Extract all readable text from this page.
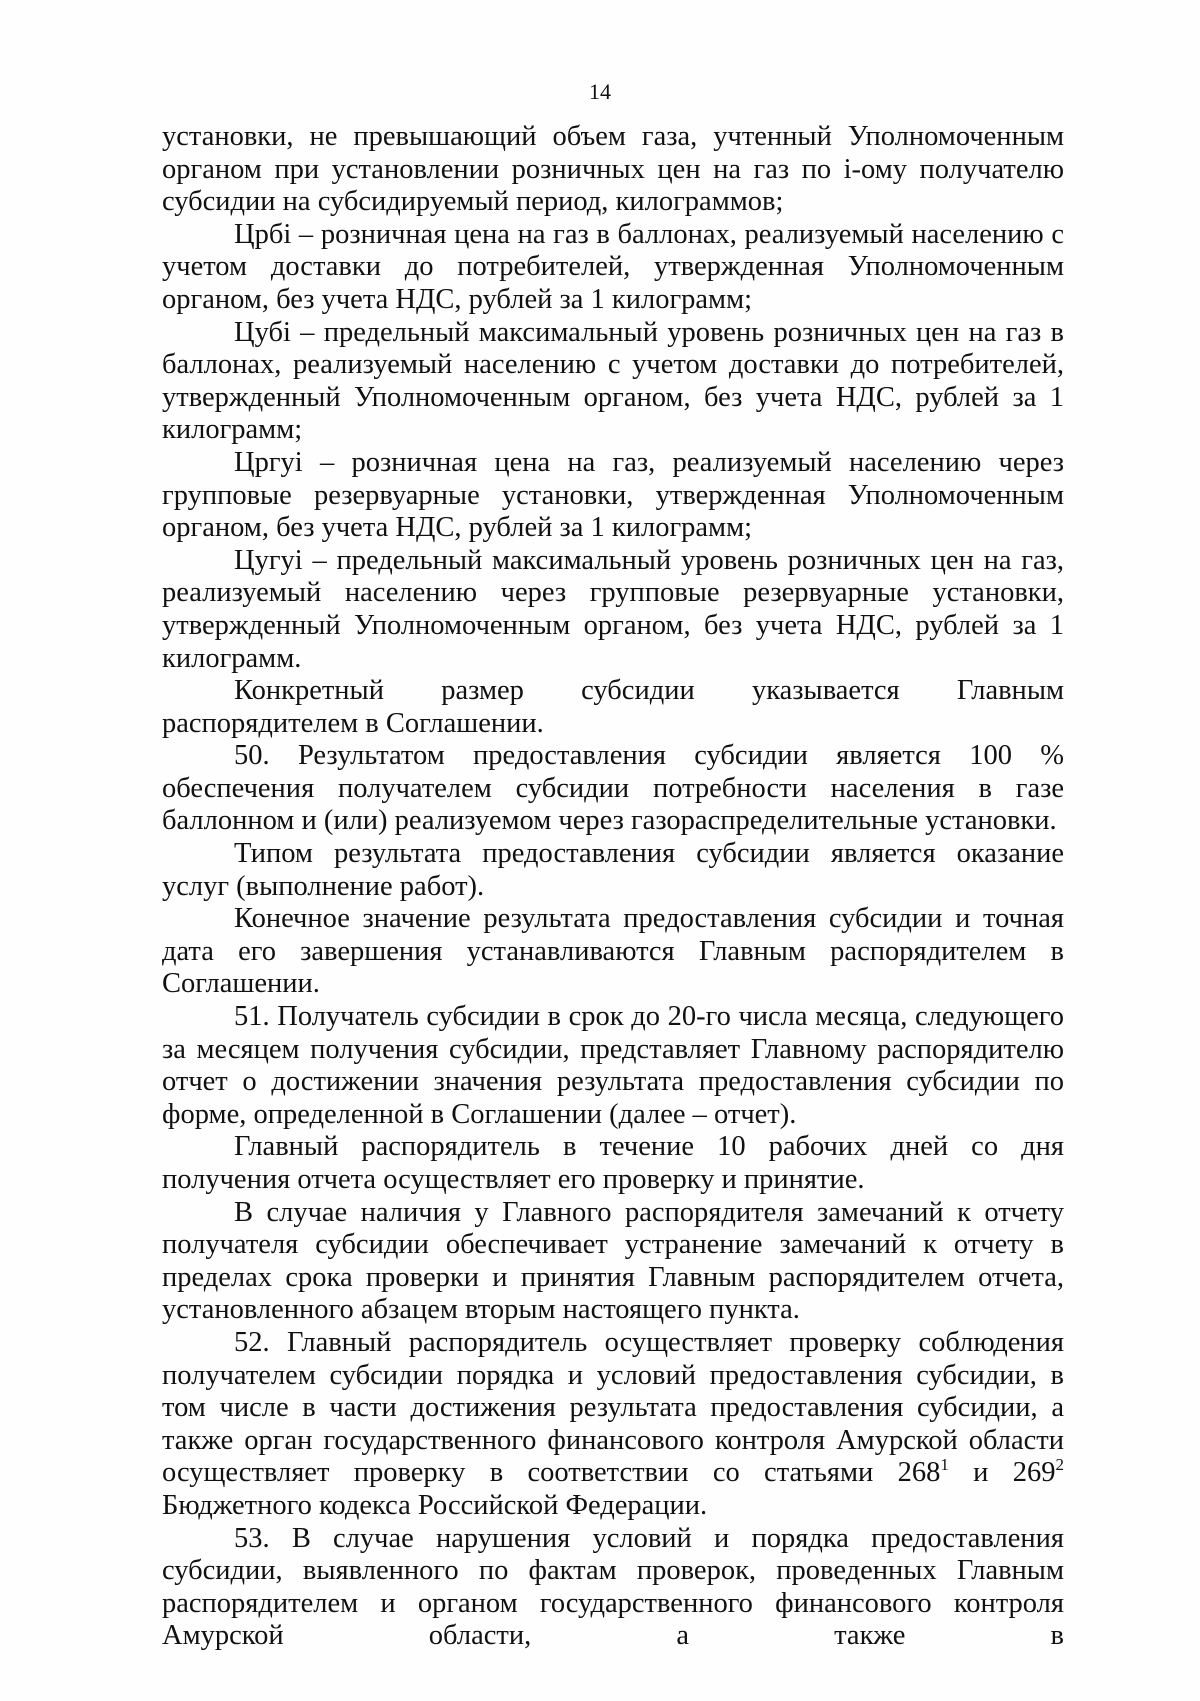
14

установки, не превышающий объем газа, учтенный Уполномоченным органом при установлении розничных цен на газ по i-ому получателю субсидии на субсидируемый период, килограммов;

Црбi – розничная цена на газ в баллонах, реализуемый населению с учетом доставки до потребителей, утвержденная Уполномоченным органом, без учета НДС, рублей за 1 килограмм;

Цубi – предельный максимальный уровень розничных цен на газ в баллонах, реализуемый населению с учетом доставки до потребителей, утвержденный Уполномоченным органом, без учета НДС, рублей за 1 килограмм;

Цргуi – розничная цена на газ, реализуемый населению через групповые резервуарные установки, утвержденная Уполномоченным органом, без учета НДС, рублей за 1 килограмм;

Цугуi – предельный максимальный уровень розничных цен на газ, реализуемый населению через групповые резервуарные установки, утвержденный Уполномоченным органом, без учета НДС, рублей за 1 килограмм.

Конкретный размер субсидии указывается Главным распорядителем в Соглашении.

50. Результатом предоставления субсидии является 100 % обеспечения получателем субсидии потребности населения в газе баллонном и (или) реализуемом через газораспределительные установки.

Типом результата предоставления субсидии является оказание услуг (выполнение работ).

Конечное значение результата предоставления субсидии и точная дата его завершения устанавливаются Главным распорядителем в Соглашении.

51. Получатель субсидии в срок до 20-го числа месяца, следующего за месяцем получения субсидии, представляет Главному распорядителю отчет о достижении значения результата предоставления субсидии по форме, определенной в Соглашении (далее – отчет).

Главный распорядитель в течение 10 рабочих дней со дня получения отчета осуществляет его проверку и принятие.

В случае наличия у Главного распорядителя замечаний к отчету получателя субсидии обеспечивает устранение замечаний к отчету в пределах срока проверки и принятия Главным распорядителем отчета, установленного абзацем вторым настоящего пункта.

52. Главный распорядитель осуществляет проверку соблюдения получателем субсидии порядка и условий предоставления субсидии, в том числе в части достижения результата предоставления субсидии, а также орган государственного финансового контроля Амурской области осуществляет проверку в соответствии со статьями $268^1$ и $269^2$ Бюджетного кодекса Российской Федерации.

53. В случае нарушения условий и порядка предоставления субсидии, выявленного по фактам проверок, проведенных Главным распорядителем и органом государственного финансового контроля Амурской области, а также в
